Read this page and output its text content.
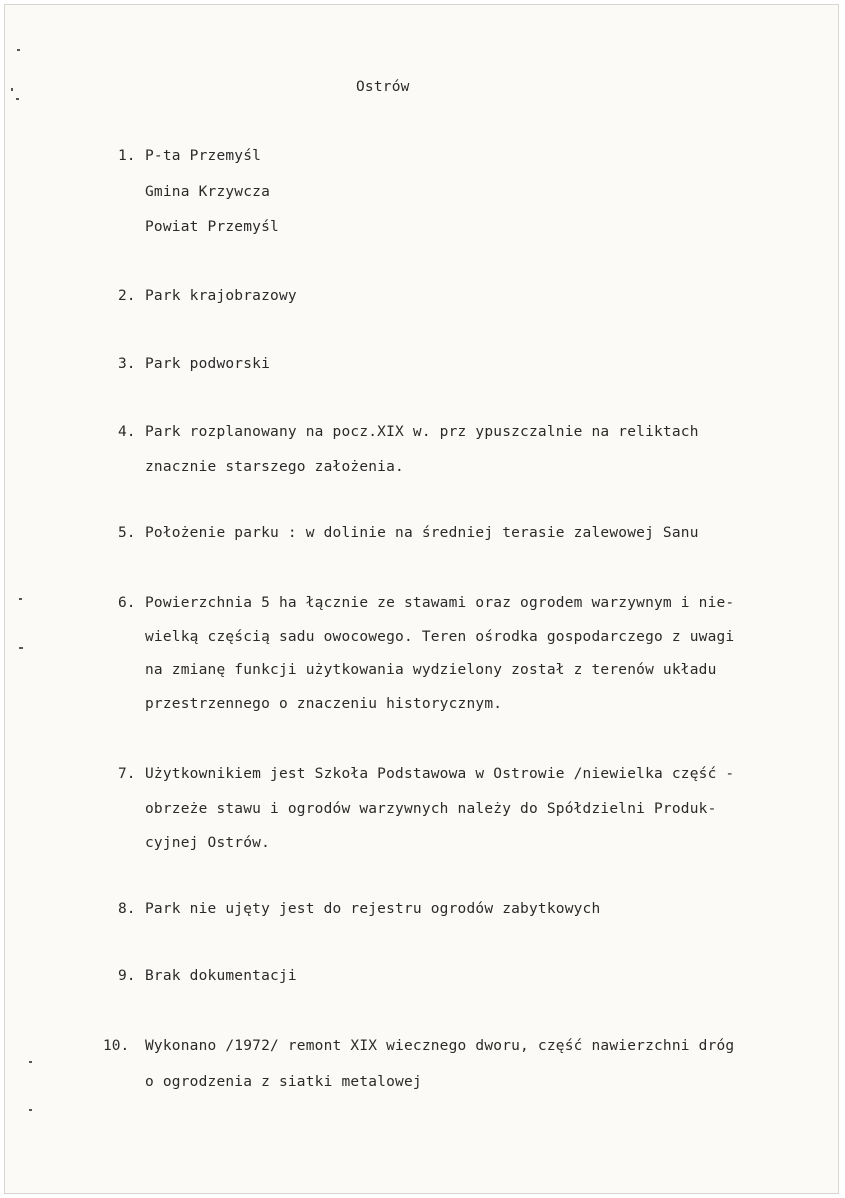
Ostrów
1. P-ta Przemyśl
Gmina Krzywcza
Powiat Przemyśl
2. Park krajobrazowy
3. Park podworski
4. Park rozplanowany na pocz.XIX w. prz ypuszczalnie na reliktach
znacznie starszego założenia.
5. Położenie parku : w dolinie na średniej terasie zalewowej Sanu
6. Powierzchnia 5 ha łącznie ze stawami oraz ogrodem warzywnym i nie-
wielką częścią sadu owocowego. Teren ośrodka gospodarczego z uwagi
na zmianę funkcji użytkowania wydzielony został z terenów układu
przestrzennego o znaczeniu historycznym.
7. Użytkownikiem jest Szkoła Podstawowa w Ostrowie /niewielka część -
obrzeże stawu i ogrodów warzywnych należy do Spółdzielni Produk-
cyjnej Ostrów.
8. Park nie ujęty jest do rejestru ogrodów zabytkowych
9. Brak dokumentacji
10. Wykonano /1972/ remont XIX wiecznego dworu, część nawierzchni dróg
o ogrodzenia z siatki metalowej
